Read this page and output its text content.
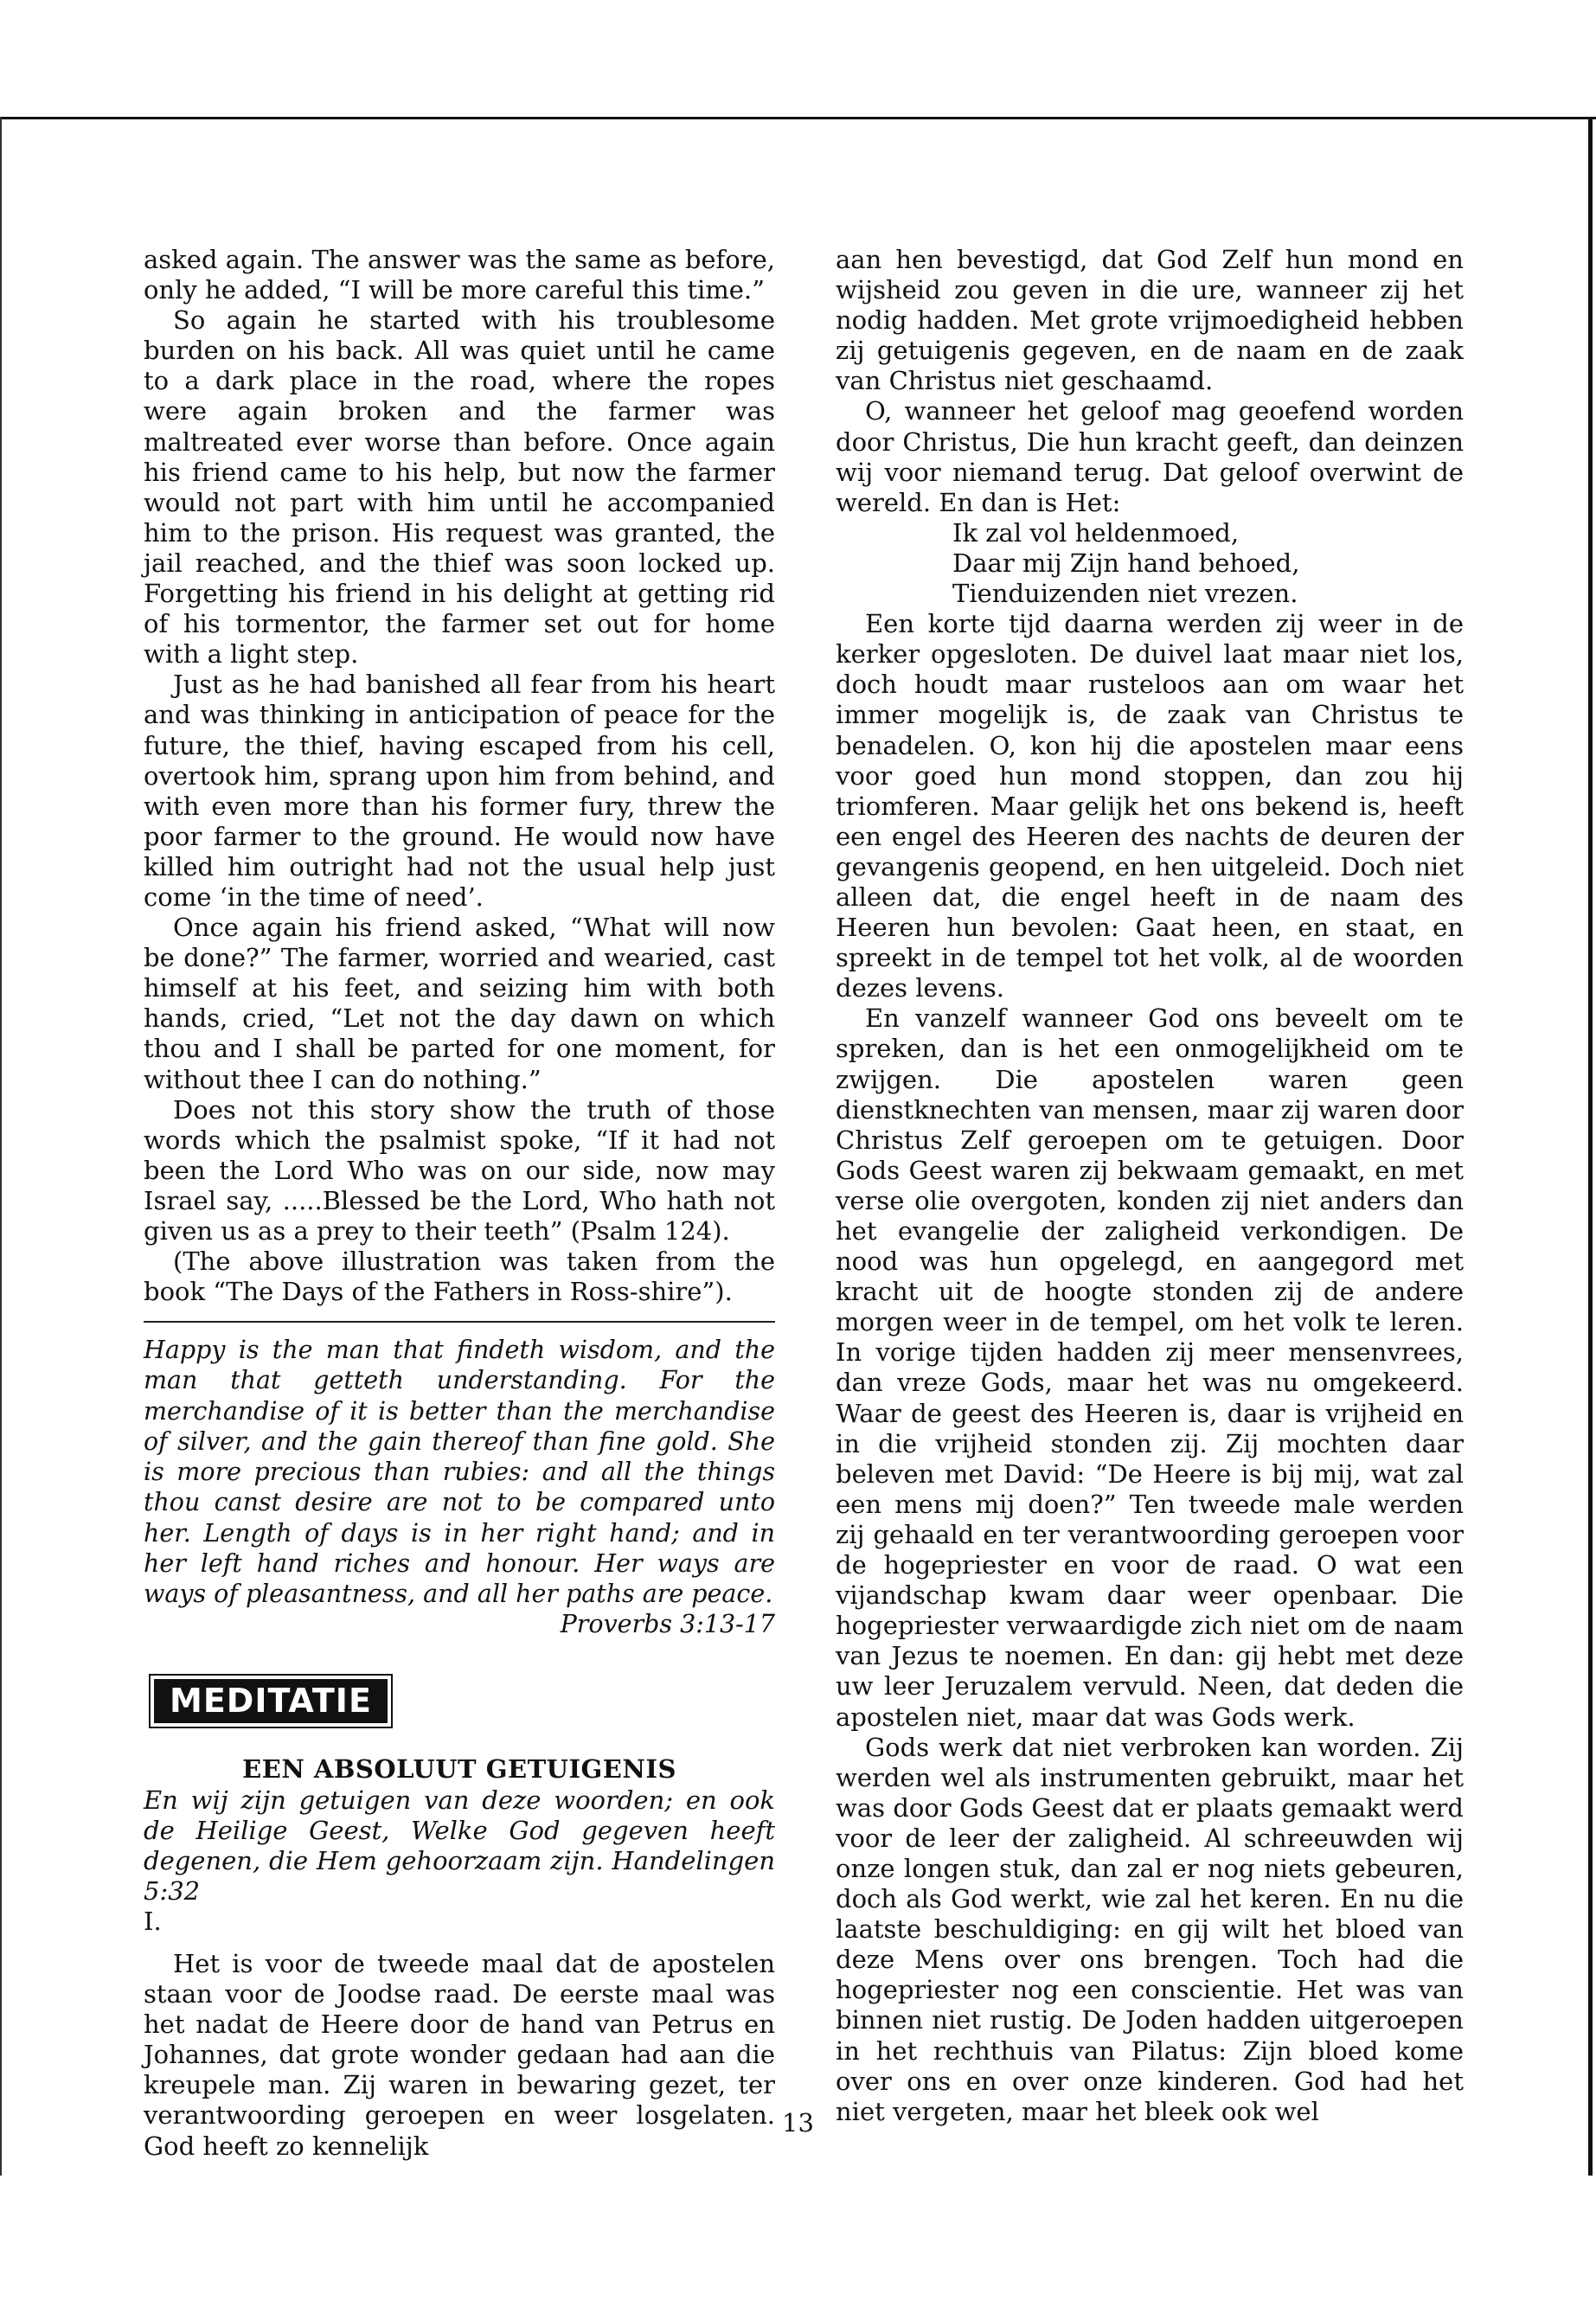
asked again. The answer was the same as before, only he added, “I will be more careful this time.”

So again he started with his troublesome burden on his back. All was quiet until he came to a dark place in the road, where the ropes were again broken and the farmer was maltreated ever worse than before. Once again his friend came to his help, but now the farmer would not part with him until he accompanied him to the prison. His request was granted, the jail reached, and the thief was soon locked up. Forgetting his friend in his delight at getting rid of his tormentor, the farmer set out for home with a light step.

Just as he had banished all fear from his heart and was thinking in anticipation of peace for the future, the thief, having escaped from his cell, overtook him, sprang upon him from behind, and with even more than his former fury, threw the poor farmer to the ground. He would now have killed him outright had not the usual help just come ‘in the time of need’.

Once again his friend asked, “What will now be done?” The farmer, worried and wearied, cast himself at his feet, and seizing him with both hands, cried, “Let not the day dawn on which thou and I shall be parted for one moment, for without thee I can do nothing.”

Does not this story show the truth of those words which the psalmist spoke, “If it had not been the Lord Who was on our side, now may Israel say, .....Blessed be the Lord, Who hath not given us as a prey to their teeth” (Psalm 124).

(The above illustration was taken from the book “The Days of the Fathers in Ross-shire”).

Happy is the man that findeth wisdom, and the man that getteth understanding. For the merchandise of it is better than the merchandise of silver, and the gain thereof than fine gold. She is more precious than rubies: and all the things thou canst desire are not to be compared unto her. Length of days is in her right hand; and in her left hand riches and honour. Her ways are ways of pleasantness, and all her paths are peace.
Proverbs 3:13-17
MEDITATIE
EEN ABSOLUUT GETUIGENIS
En wij zijn getuigen van deze woorden; en ook de Heilige Geest, Welke God gegeven heeft degenen, die Hem gehoorzaam zijn. Handelingen 5:32
I.

Het is voor de tweede maal dat de apostelen staan voor de Joodse raad. De eerste maal was het nadat de Heere door de hand van Petrus en Johannes, dat grote wonder gedaan had aan die kreupele man. Zij waren in bewaring gezet, ter verantwoording geroepen en weer losgelaten. God heeft zo kennelijk

aan hen bevestigd, dat God Zelf hun mond en wijsheid zou geven in die ure, wanneer zij het nodig hadden. Met grote vrijmoedigheid hebben zij getuigenis gegeven, en de naam en de zaak van Christus niet geschaamd.

O, wanneer het geloof mag geoefend worden door Christus, Die hun kracht geeft, dan deinzen wij voor niemand terug. Dat geloof overwint de wereld. En dan is Het:

Ik zal vol heldenmoed,
Daar mij Zijn hand behoed,
Tienduizenden niet vrezen.

Een korte tijd daarna werden zij weer in de kerker opgesloten. De duivel laat maar niet los, doch houdt maar rusteloos aan om waar het immer mogelijk is, de zaak van Christus te benadelen. O, kon hij die apostelen maar eens voor goed hun mond stoppen, dan zou hij triomferen. Maar gelijk het ons bekend is, heeft een engel des Heeren des nachts de deuren der gevangenis geopend, en hen uitgeleid. Doch niet alleen dat, die engel heeft in de naam des Heeren hun bevolen: Gaat heen, en staat, en spreekt in de tempel tot het volk, al de woorden dezes levens.

En vanzelf wanneer God ons beveelt om te spreken, dan is het een onmogelijkheid om te zwijgen. Die apostelen waren geen dienstknechten van mensen, maar zij waren door Christus Zelf geroepen om te getuigen. Door Gods Geest waren zij bekwaam gemaakt, en met verse olie overgoten, konden zij niet anders dan het evangelie der zaligheid verkondigen. De nood was hun opgelegd, en aangegord met kracht uit de hoogte stonden zij de andere morgen weer in de tempel, om het volk te leren. In vorige tijden hadden zij meer mensenvrees, dan vreze Gods, maar het was nu omgekeerd. Waar de geest des Heeren is, daar is vrijheid en in die vrijheid stonden zij. Zij mochten daar beleven met David: “De Heere is bij mij, wat zal een mens mij doen?” Ten tweede male werden zij gehaald en ter verantwoording geroepen voor de hogepriester en voor de raad. O wat een vijandschap kwam daar weer openbaar. Die hogepriester verwaardigde zich niet om de naam van Jezus te noemen. En dan: gij hebt met deze uw leer Jeruzalem vervuld. Neen, dat deden die apostelen niet, maar dat was Gods werk.

Gods werk dat niet verbroken kan worden. Zij werden wel als instrumenten gebruikt, maar het was door Gods Geest dat er plaats gemaakt werd voor de leer der zaligheid. Al schreeuwden wij onze longen stuk, dan zal er nog niets gebeuren, doch als God werkt, wie zal het keren. En nu die laatste beschuldiging: en gij wilt het bloed van deze Mens over ons brengen. Toch had die hogepriester nog een conscientie. Het was van binnen niet rustig. De Joden hadden uitgeroepen in het rechthuis van Pilatus: Zijn bloed kome over ons en over onze kinderen. God had het niet vergeten, maar het bleek ook wel

13
